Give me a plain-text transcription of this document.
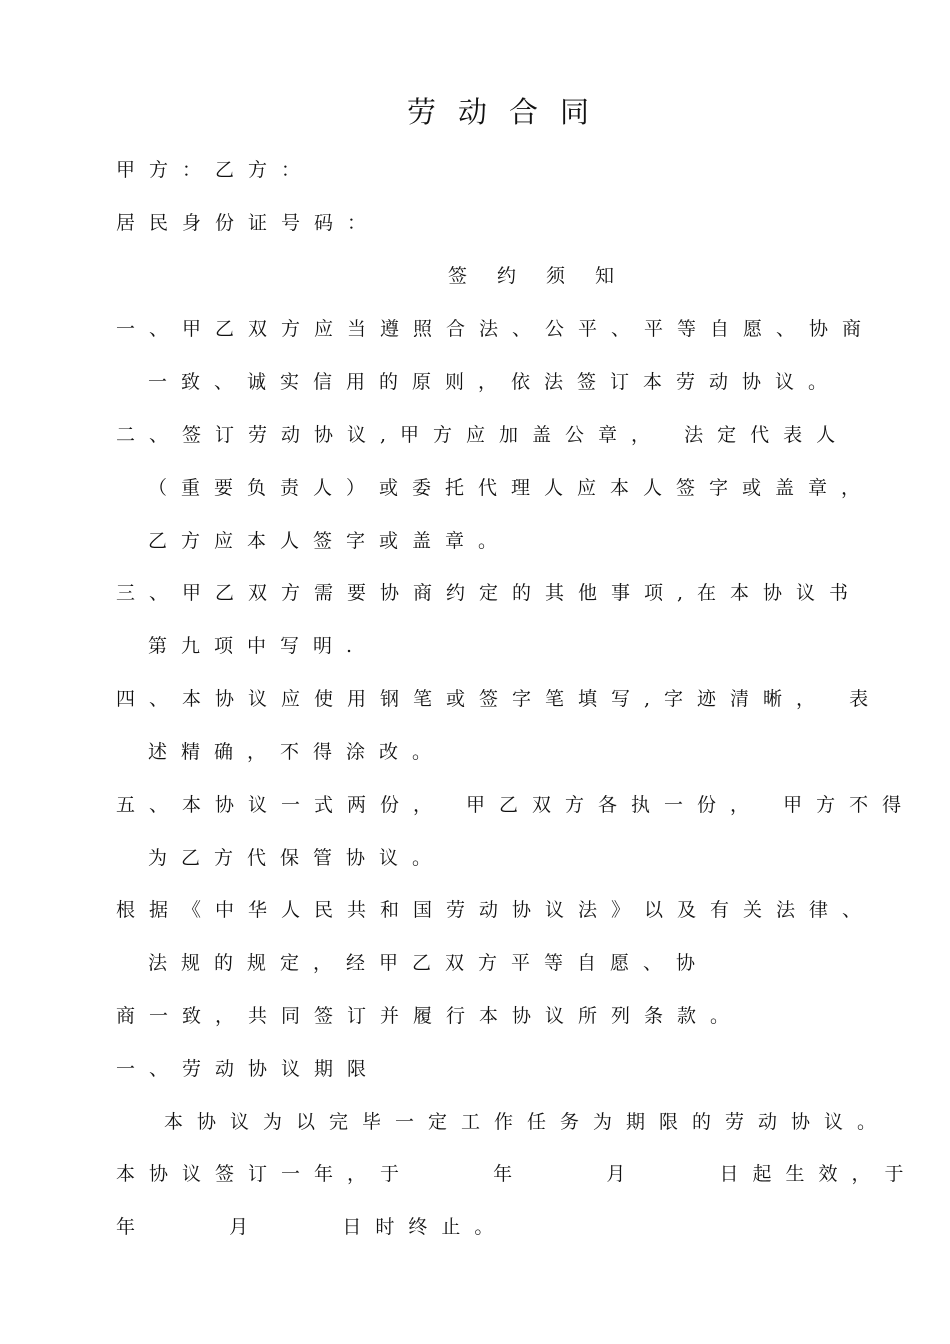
劳动合同
甲方：乙方：
居民身份证号码：
签约须知
一、甲乙双方应当遵照合法、公平、平等自愿、协商
一致、诚实信用的原则，依法签订本劳动协议。
二、签订劳动协议,甲方应加盖公章， 法定代表人
（重要负责人）或委托代理人应本人签字或盖章，
乙方应本人签字或盖章。
三、甲乙双方需要协商约定的其他事项,在本协议书
第九项中写明.
四、本协议应使用钢笔或签字笔填写,字迹清晰， 表
述精确，不得涂改。
五、本协议一式两份， 甲乙双方各执一份， 甲方不得
为乙方代保管协议。
根据《中华人民共和国劳动协议法》以及有关法律、
法规的规定，经甲乙双方平等自愿、协
商一致，共同签订并履行本协议所列条款。
一、劳动协议期限
本协议为以完毕一定工作任务为期限的劳动协议。
本协议签订一年，于    年    月    日起生效，于
年    月    日时终止。
